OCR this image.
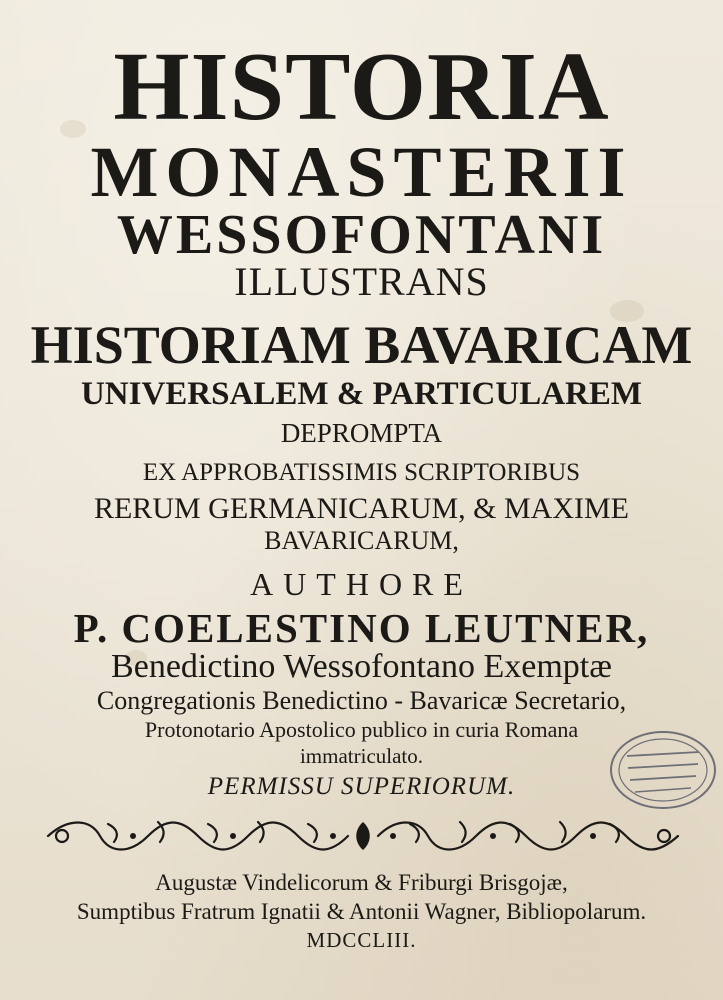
HISTORIA
MONASTERII
WESSOFONTANI
ILLUSTRANS
HISTORIAM BAVARICAM
UNIVERSALEM & PARTICULAREM
DEPROMPTA
EX APPROBATISSIMIS SCRIPTORIBUS
RERUM GERMANICARUM, & MAXIME
BAVARICARUM,
AUTHORE
P. COELESTINO LEUTNER,
Benedictino Wessofontano Exemptæ
Congregationis Benedictino - Bavaricæ Secretario,
Protonotario Apostolico publico in curia Romana
immatriculato.
PERMISSU SUPERIORUM.
Augustæ Vindelicorum & Friburgi Brisgojæ,
Sumptibus Fratrum Ignatii & Antonii Wagner, Bibliopolarum.
MDCCLIII.
